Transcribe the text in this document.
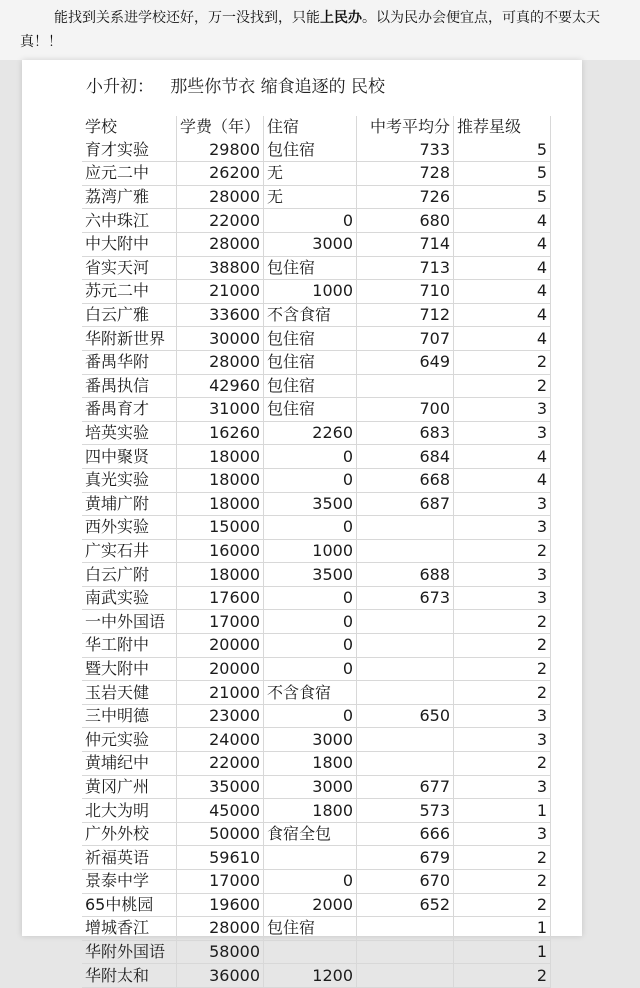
能找到关系进学校还好，万一没找到，只能上民办。以为民办会便宜点，可真的不要太天真！！

小升初：   那些你节衣 缩食追逐的 民校
学校	学费（年）	住宿	中考平均分	推荐星级
育才实验	29800	包住宿	733	5
应元二中	26200	无	728	5
荔湾广雅	28000	无	726	5
六中珠江	22000	0	680	4
中大附中	28000	3000	714	4
省实天河	38800	包住宿	713	4
苏元二中	21000	1000	710	4
白云广雅	33600	不含食宿	712	4
华附新世界	30000	包住宿	707	4
番禺华附	28000	包住宿	649	2
番禺执信	42960	包住宿		2
番禺育才	31000	包住宿	700	3
培英实验	16260	2260	683	3
四中聚贤	18000	0	684	4
真光实验	18000	0	668	4
黄埔广附	18000	3500	687	3
西外实验	15000	0		3
广实石井	16000	1000		2
白云广附	18000	3500	688	3
南武实验	17600	0	673	3
一中外国语	17000	0		2
华工附中	20000	0		2
暨大附中	20000	0		2
玉岩天健	21000	不含食宿		2
三中明德	23000	0	650	3
仲元实验	24000	3000		3
黄埔纪中	22000	1800		2
黄冈广州	35000	3000	677	3
北大为明	45000	1800	573	1
广外外校	50000	食宿全包	666	3
祈福英语	59610		679	2
景泰中学	17000	0	670	2
65中桃园	19600	2000	652	2
增城香江	28000	包住宿		1
华附外国语	58000			1
华附太和	36000	1200		2
